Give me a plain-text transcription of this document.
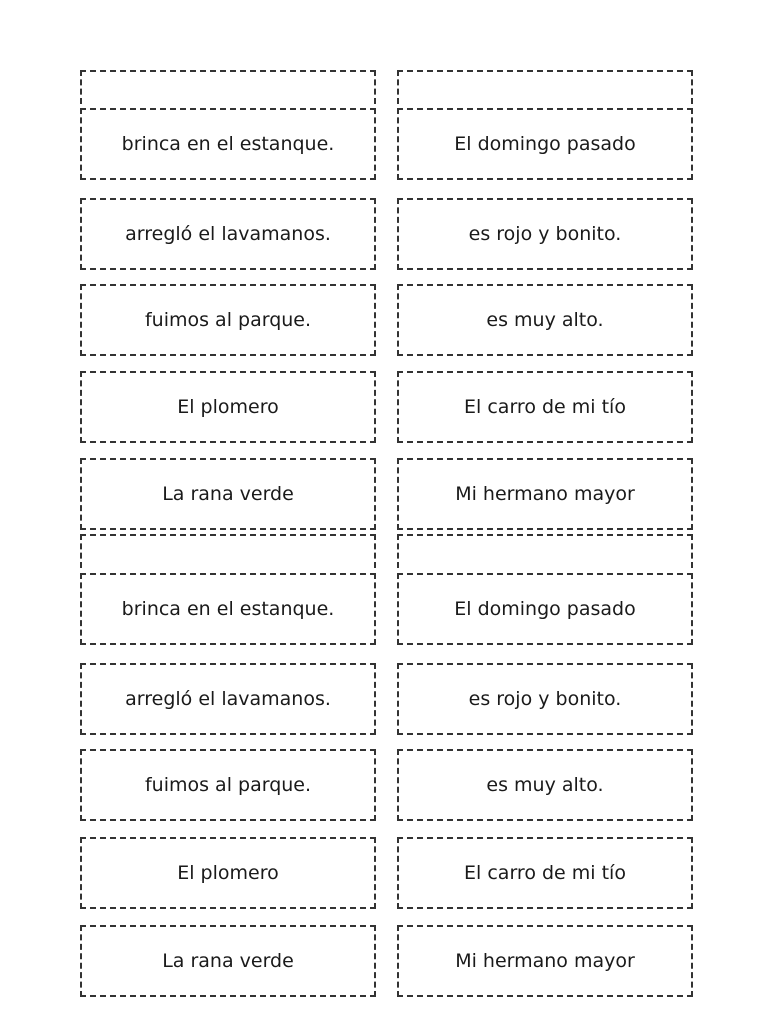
brinca en el estanque.	El domingo pasado
arregló el lavamanos.	es rojo y bonito.
fuimos al parque.	es muy alto.
El plomero	El carro de mi tío
La rana verde	Mi hermano mayor
brinca en el estanque.	El domingo pasado
arregló el lavamanos.	es rojo y bonito.
fuimos al parque.	es muy alto.
El plomero	El carro de mi tío
La rana verde	Mi hermano mayor
